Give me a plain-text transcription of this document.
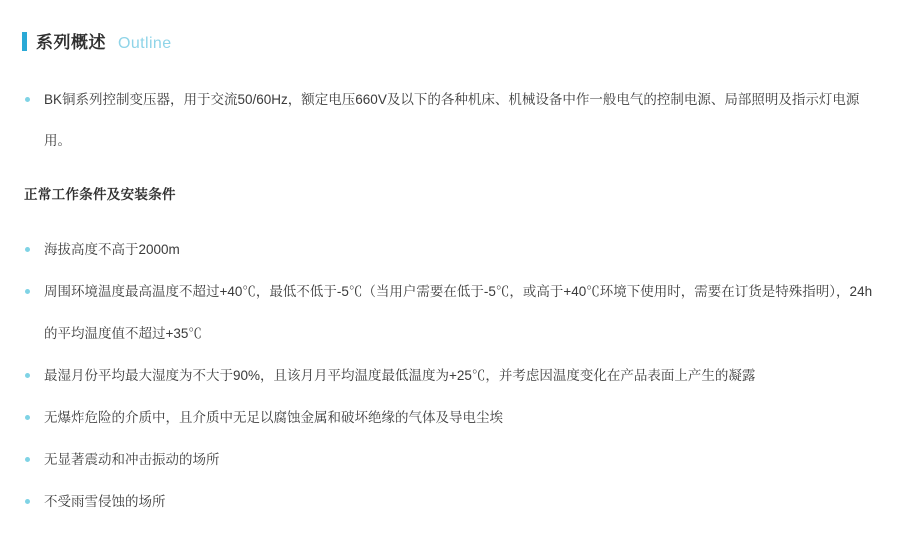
系列概述 Outline
BK铜系列控制变压器，用于交流50/60Hz，额定电压660V及以下的各种机床、机械设备中作一般电气的控制电源、局部照明及指示灯电源用。
正常工作条件及安装条件
海拔高度不高于2000m
周围环境温度最高温度不超过+40℃，最低不低于-5℃（当用户需要在低于-5℃，或高于+40℃环境下使用时，需要在订货是特殊指明），24h的平均温度值不超过+35℃
最湿月份平均最大湿度为不大于90%，且该月月平均温度最低温度为+25℃，并考虑因温度变化在产品表面上产生的凝露
无爆炸危险的介质中，且介质中无足以腐蚀金属和破坏绝缘的气体及导电尘埃
无显著震动和冲击振动的场所
不受雨雪侵蚀的场所
